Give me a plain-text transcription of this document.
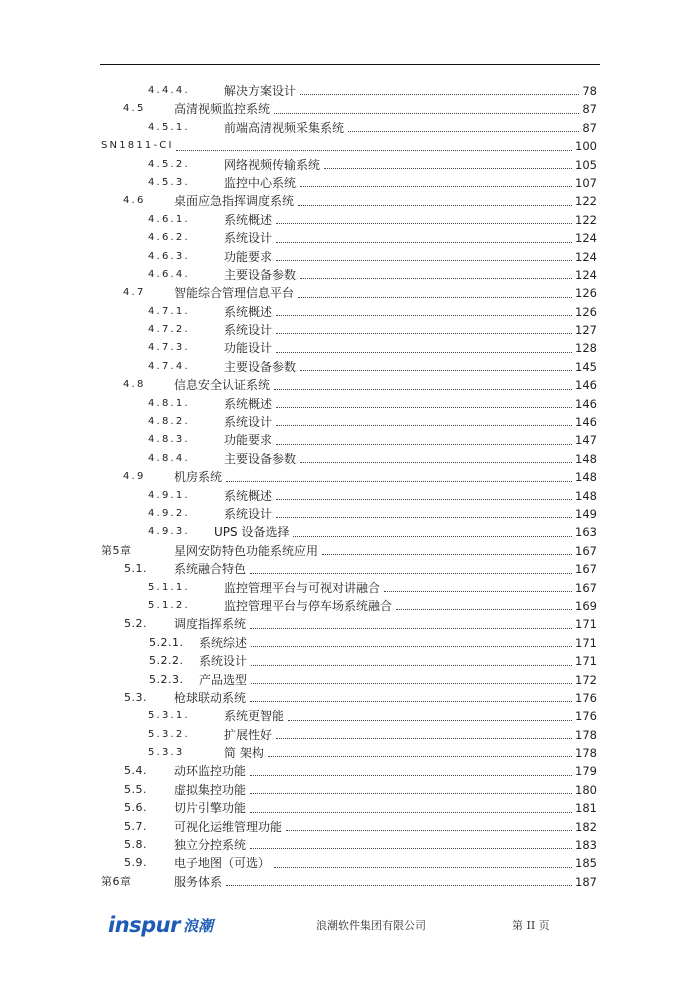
4.4.4.	解决方案设计	78
4.5 高清视频监控系统	87
4.5.1.	前端高清视频采集系统	87
SN1811-CI	100
4.5.2.	网络视频传输系统	105
4.5.3.	监控中心系统	107
4.6 桌面应急指挥调度系统	122
4.6.1.	系统概述	122
4.6.2.	系统设计	124
4.6.3.	功能要求	124
4.6.4.	主要设备参数	124
4.7 智能综合管理信息平台	126
4.7.1.	系统概述	126
4.7.2.	系统设计	127
4.7.3.	功能设计	128
4.7.4.	主要设备参数	145
4.8 信息安全认证系统	146
4.8.1.	系统概述	146
4.8.2.	系统设计	146
4.8.3.	功能要求	147
4.8.4.	主要设备参数	148
4.9 机房系统	148
4.9.1.	系统概述	148
4.9.2.	系统设计	149
4.9.3. UPS 设备选择	163
第5章	星网安防特色功能系统应用	167
5.1. 系统融合特色	167
5.1.1.	监控管理平台与可视对讲融合	167
5.1.2.	监控管理平台与停车场系统融合	169
5.2. 调度指挥系统	171
5.2.1. 系统综述	171
5.2.2. 系统设计	171
5.2.3. 产品选型	172
5.3. 枪球联动系统	176
5.3.1.	系统更智能	176
5.3.2.	扩展性好	178
5.3.3	简 架构	178
5.4. 动环监控功能	179
5.5. 虚拟集控功能	180
5.6. 切片引擎功能	181
5.7. 可视化运维管理功能	182
5.8. 独立分控系统	183
5.9. 电子地图（可选）	185
第6章	服务体系	187
inspur 浪潮	浪潮软件集团有限公司	第 II 页
